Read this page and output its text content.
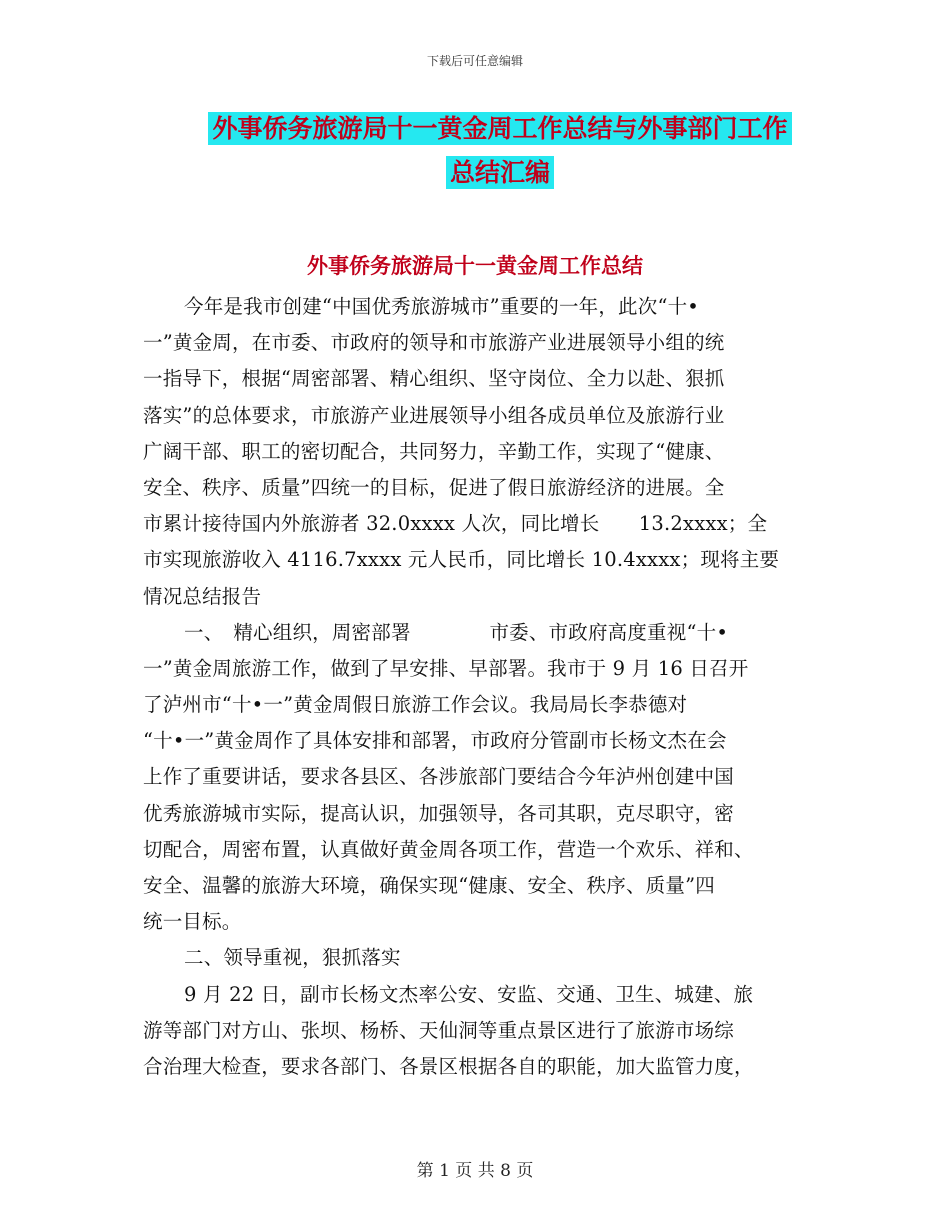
下载后可任意编辑
外事侨务旅游局十一黄金周工作总结与外事部门工作
总结汇编
外事侨务旅游局十一黄金周工作总结
今年是我市创建“中国优秀旅游城市”重要的一年，此次“十•
一”黄金周，在市委、市政府的领导和市旅游产业进展领导小组的统
一指导下，根据“周密部署、精心组织、坚守岗位、全力以赴、狠抓
落实”的总体要求，市旅游产业进展领导小组各成员单位及旅游行业
广阔干部、职工的密切配合，共同努力，辛勤工作，实现了“健康、
安全、秩序、质量”四统一的目标，促进了假日旅游经济的进展。全
市累计接待国内外旅游者 32.0xxxx 人次，同比增长　　13.2xxxx；全
市实现旅游收入 4116.7xxxx 元人民币，同比增长 10.4xxxx；现将主要
情况总结报告
一、　精心组织，周密部署　　　　市委、市政府高度重视“十•
一”黄金周旅游工作，做到了早安排、早部署。我市于 9 月 16 日召开
了泸州市“十•一”黄金周假日旅游工作会议。我局局长李恭德对
“十•一”黄金周作了具体安排和部署，市政府分管副市长杨文杰在会
上作了重要讲话，要求各县区、各涉旅部门要结合今年泸州创建中国
优秀旅游城市实际，提高认识，加强领导，各司其职，克尽职守，密
切配合，周密布置，认真做好黄金周各项工作，营造一个欢乐、祥和、
安全、温馨的旅游大环境，确保实现“健康、安全、秩序、质量”四
统一目标。
二、领导重视，狠抓落实
9 月 22 日，副市长杨文杰率公安、安监、交通、卫生、城建、旅
游等部门对方山、张坝、杨桥、天仙洞等重点景区进行了旅游市场综
合治理大检查，要求各部门、各景区根据各自的职能，加大监管力度，
第 1 页 共 8 页
